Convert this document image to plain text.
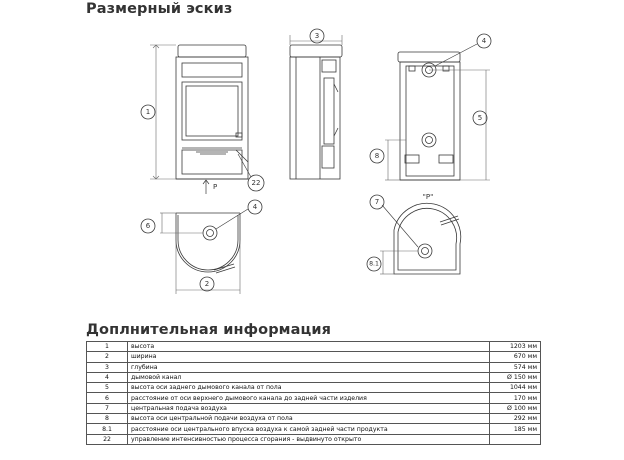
Размерный эскиз
1
3
4
5
8
22
4
6
2
7
8.1
P
"P"
Доплнительная информация
1	высота	1203 мм
2	ширина	670 мм
3	глубина	574 мм
4	дымовой канал	Ø 150 мм
5	высота оси заднего дымового канала от пола	1044 мм
6	расстояние от оси верхнего дымового канала до задней части изделия	170 мм
7	центральная подача воздуха	Ø 100 мм
8	высота оси центральной подачи воздуха от пола	292 мм
8.1	расстояние оси центрального впуска воздуха к самой задней части продукта	185 мм
22	управление интенсивностью процесса сгорания - выдвинуто открыто	
